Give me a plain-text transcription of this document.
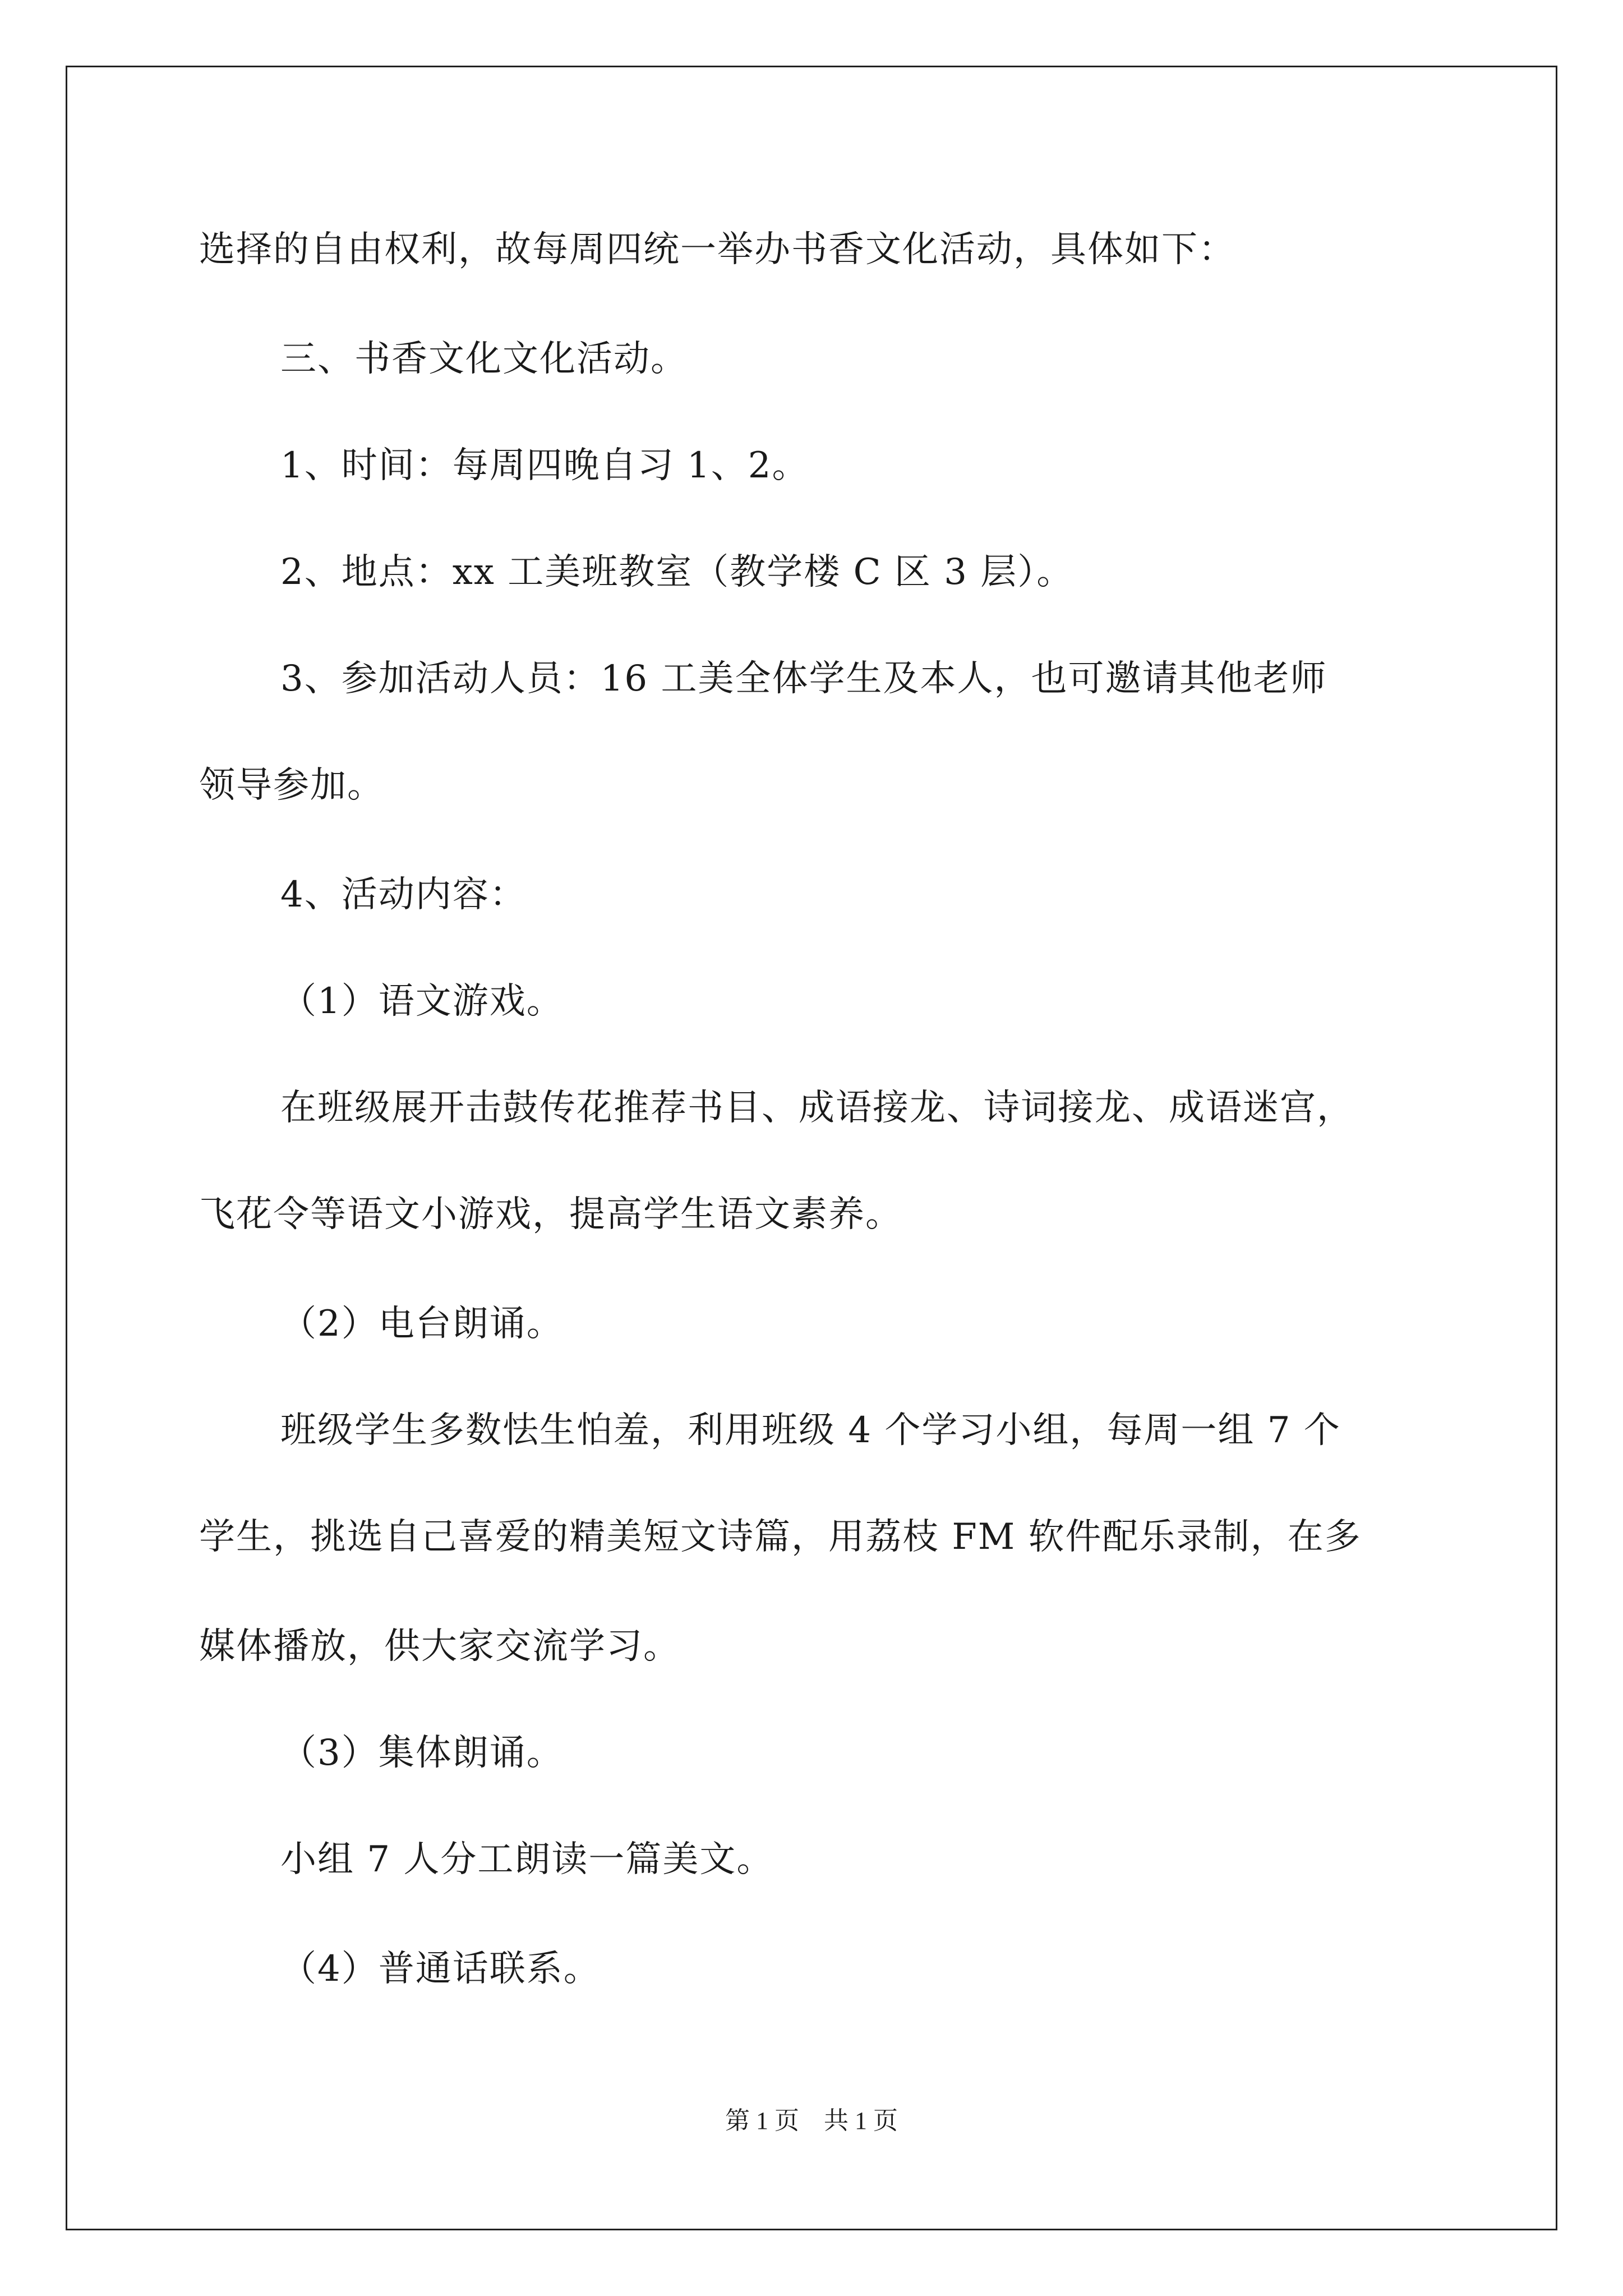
选择的自由权利，故每周四统一举办书香文化活动，具体如下：
三、书香文化文化活动。
1、时间：每周四晚自习 1、2。
2、地点：xx 工美班教室（教学楼 C 区 3 层）。
3、参加活动人员：16 工美全体学生及本人，也可邀请其他老师
领导参加。
4、活动内容：
（1）语文游戏。
在班级展开击鼓传花推荐书目、成语接龙、诗词接龙、成语迷宫，
飞花令等语文小游戏，提高学生语文素养。
（2）电台朗诵。
班级学生多数怯生怕羞，利用班级 4 个学习小组，每周一组 7 个
学生，挑选自己喜爱的精美短文诗篇，用荔枝 FM 软件配乐录制，在多
媒体播放，供大家交流学习。
（3）集体朗诵。
小组 7 人分工朗读一篇美文。
（4）普通话联系。
第 1 页　共 1 页
